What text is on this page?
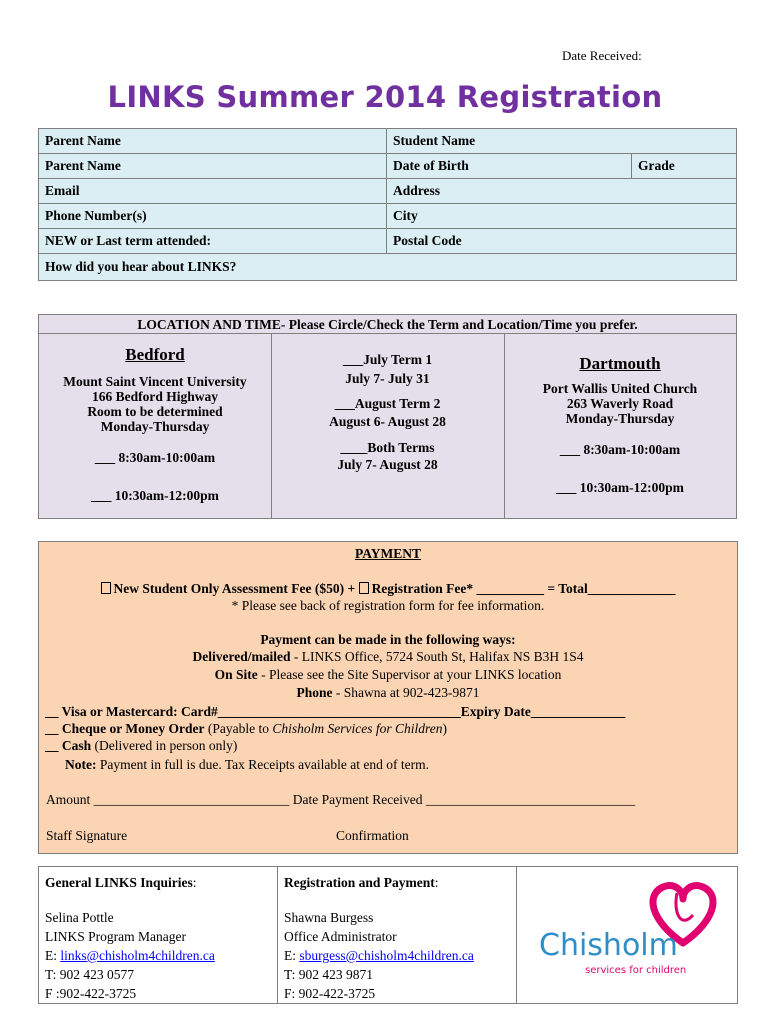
Date Received:
LINKS Summer 2014 Registration
Parent Name	Student Name	
Parent Name	Date of Birth	Grade
Email	Address	
Phone Number(s)	City	
NEW or Last term attended:	Postal Code	
How did you hear about LINKS?		
LOCATION AND TIME- Please Circle/Check the Term and Location/Time you prefer.
Bedford
Mount Saint Vincent University
166 Bedford Highway
Room to be determined
Monday-Thursday
___ 8:30am-10:00am
___ 10:30am-12:00pm
___July Term 1
July 7- July 31
___August Term 2
August 6- August 28
____Both Terms
July 7- August 28
Dartmouth
Port Wallis United Church
263 Waverly Road
Monday-Thursday
___ 8:30am-10:00am
___ 10:30am-12:00pm
PAYMENT
New Student Only Assessment Fee ($50) + Registration Fee* __________ = Total_____________
* Please see back of registration form for fee information.
Payment can be made in the following ways:
Delivered/mailed - LINKS Office, 5724 South St, Halifax NS B3H 1S4
On Site - Please see the Site Supervisor at your LINKS location
Phone - Shawna at 902-423-9871
__ Visa or Mastercard: Card#____________________________________Expiry Date______________
__ Cheque or Money Order (Payable to Chisholm Services for Children)
__ Cash (Delivered in person only)
Note: Payment in full is due. Tax Receipts available at end of term.
Amount _____________________________ Date Payment Received _______________________________
Staff Signature	Confirmation
General LINKS Inquiries:
Selina Pottle
LINKS Program Manager
E: links@chisholm4children.ca
T: 902 423 0577
F :902-422-3725

Registration and Payment:
Shawna Burgess
Office Administrator
E: sburgess@chisholm4children.ca
T: 902 423 9871
F: 902-422-3725

Chisholm
services for children
